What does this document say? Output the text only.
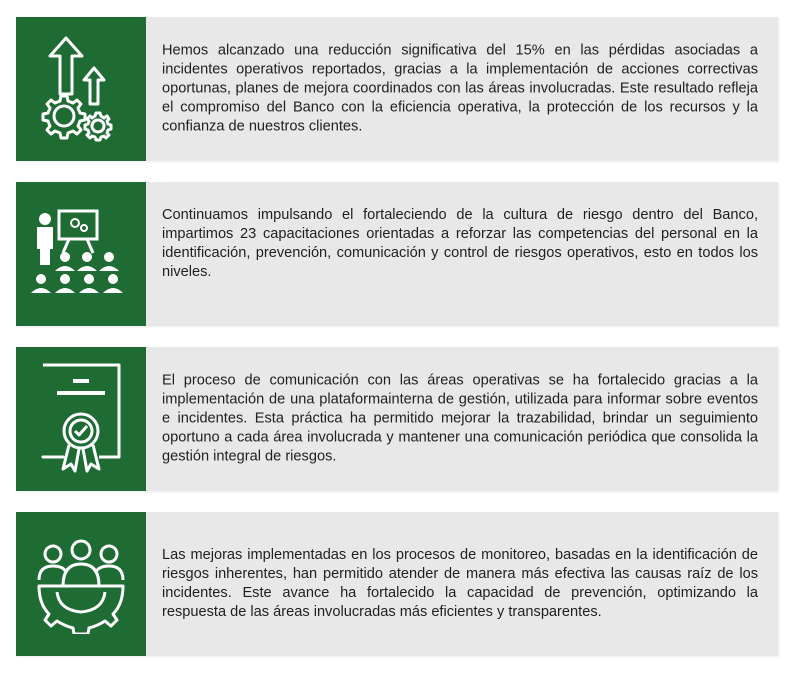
Hemos alcanzado una reducción significativa del 15% en las pérdidas asociadas a incidentes operativos reportados, gracias a la implementación de acciones correctivas oportunas, planes de mejora coordinados con las áreas involucradas. Este resultado refleja el compromiso del Banco con la eficiencia operativa, la protección de los recursos y la confianza de nuestros clientes.

Continuamos impulsando el fortaleciendo de la cultura de riesgo dentro del Banco, impartimos 23 capacitaciones orientadas a reforzar las competencias del personal en la identificación, prevención, comunicación y control de riesgos operativos, esto en todos los niveles.

El proceso de comunicación con las áreas operativas se ha fortalecido gracias a la implementación de una plataformainterna de gestión, utilizada para informar sobre eventos e incidentes. Esta práctica ha permitido mejorar la trazabilidad, brindar un seguimiento oportuno a cada área involucrada y mantener una comunicación periódica que consolida la gestión integral de riesgos.

Las mejoras implementadas en los procesos de monitoreo, basadas en la identificación de riesgos inherentes, han permitido atender de manera más efectiva las causas raíz de los incidentes. Este avance ha fortalecido la capacidad de prevención, optimizando la respuesta de las áreas involucradas más eficientes y transparentes.
